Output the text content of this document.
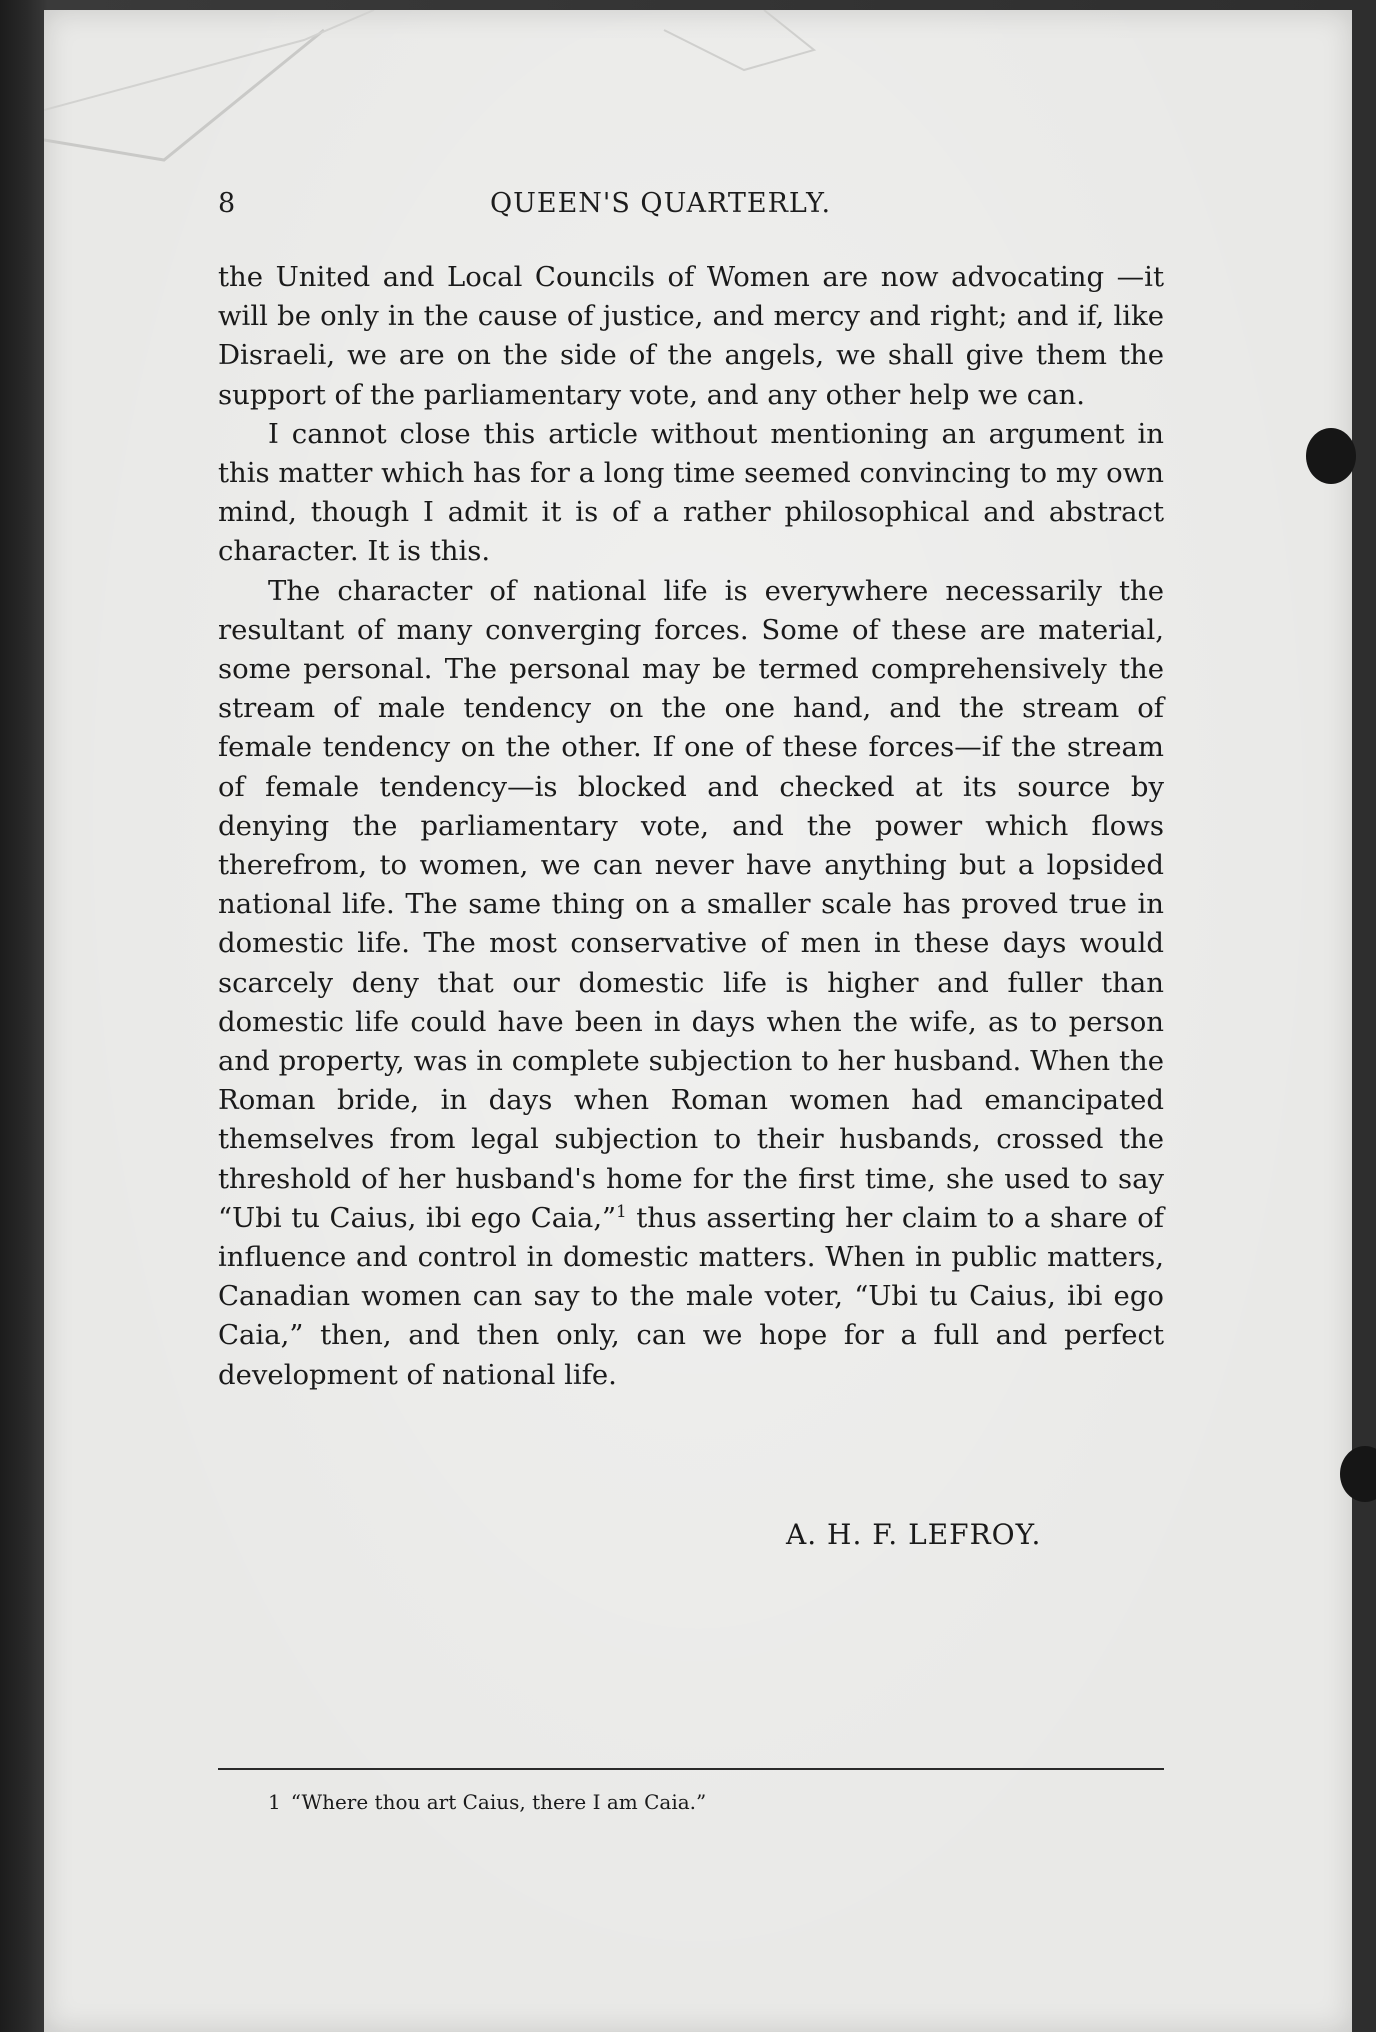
8	QUEEN'S QUARTERLY.

the United and Local Councils of Women are now advocating —it will be only in the cause of justice, and mercy and right; and if, like Disraeli, we are on the side of the angels, we shall give them the support of the parliamentary vote, and any other help we can.

I cannot close this article without mentioning an argument in this matter which has for a long time seemed convincing to my own mind, though I admit it is of a rather philosophical and abstract character. It is this.

The character of national life is everywhere necessarily the resultant of many converging forces. Some of these are material, some personal. The personal may be termed comprehensively the stream of male tendency on the one hand, and the stream of female tendency on the other. If one of these forces—if the stream of female tendency—is blocked and checked at its source by denying the parliamentary vote, and the power which flows therefrom, to women, we can never have anything but a lopsided national life. The same thing on a smaller scale has proved true in domestic life. The most conservative of men in these days would scarcely deny that our domestic life is higher and fuller than domestic life could have been in days when the wife, as to person and property, was in complete subjection to her husband. When the Roman bride, in days when Roman women had emancipated themselves from legal subjection to their husbands, crossed the threshold of her husband's home for the first time, she used to say “Ubi tu Caius, ibi ego Caia,”$^1$ thus asserting her claim to a share of influence and control in domestic matters. When in public matters, Canadian women can say to the male voter, “Ubi tu Caius, ibi ego Caia,” then, and then only, can we hope for a full and perfect development of national life.

A. H. F. LEFROY.
1 “Where thou art Caius, there I am Caia.”
